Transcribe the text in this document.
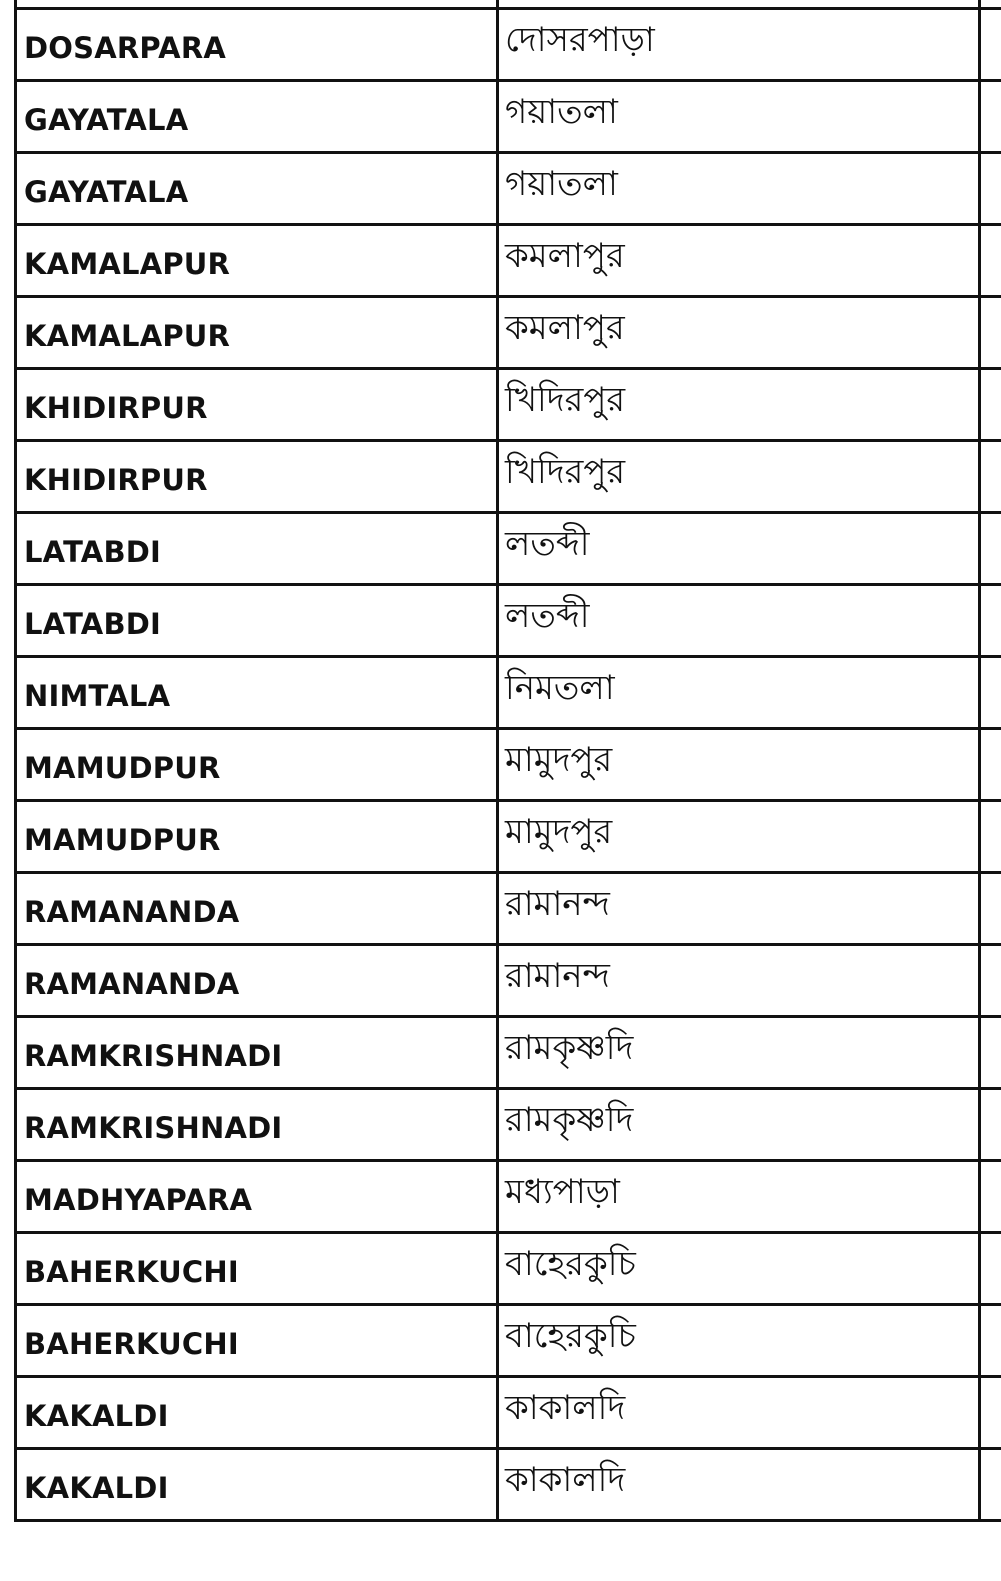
DOSARPARA	দোসরপাড়া
GAYATALA	গয়াতলা
GAYATALA	গয়াতলা
KAMALAPUR	কমলাপুর
KAMALAPUR	কমলাপুর
KHIDIRPUR	খিদিরপুর
KHIDIRPUR	খিদিরপুর
LATABDI	লতব্দী
LATABDI	লতব্দী
NIMTALA	নিমতলা
MAMUDPUR	মামুদপুর
MAMUDPUR	মামুদপুর
RAMANANDA	রামানন্দ
RAMANANDA	রামানন্দ
RAMKRISHNADI	রামকৃষ্ণদি
RAMKRISHNADI	রামকৃষ্ণদি
MADHYAPARA	মধ্যপাড়া
BAHERKUCHI	বাহেরকুচি
BAHERKUCHI	বাহেরকুচি
KAKALDI	কাকালদি
KAKALDI	কাকালদি
